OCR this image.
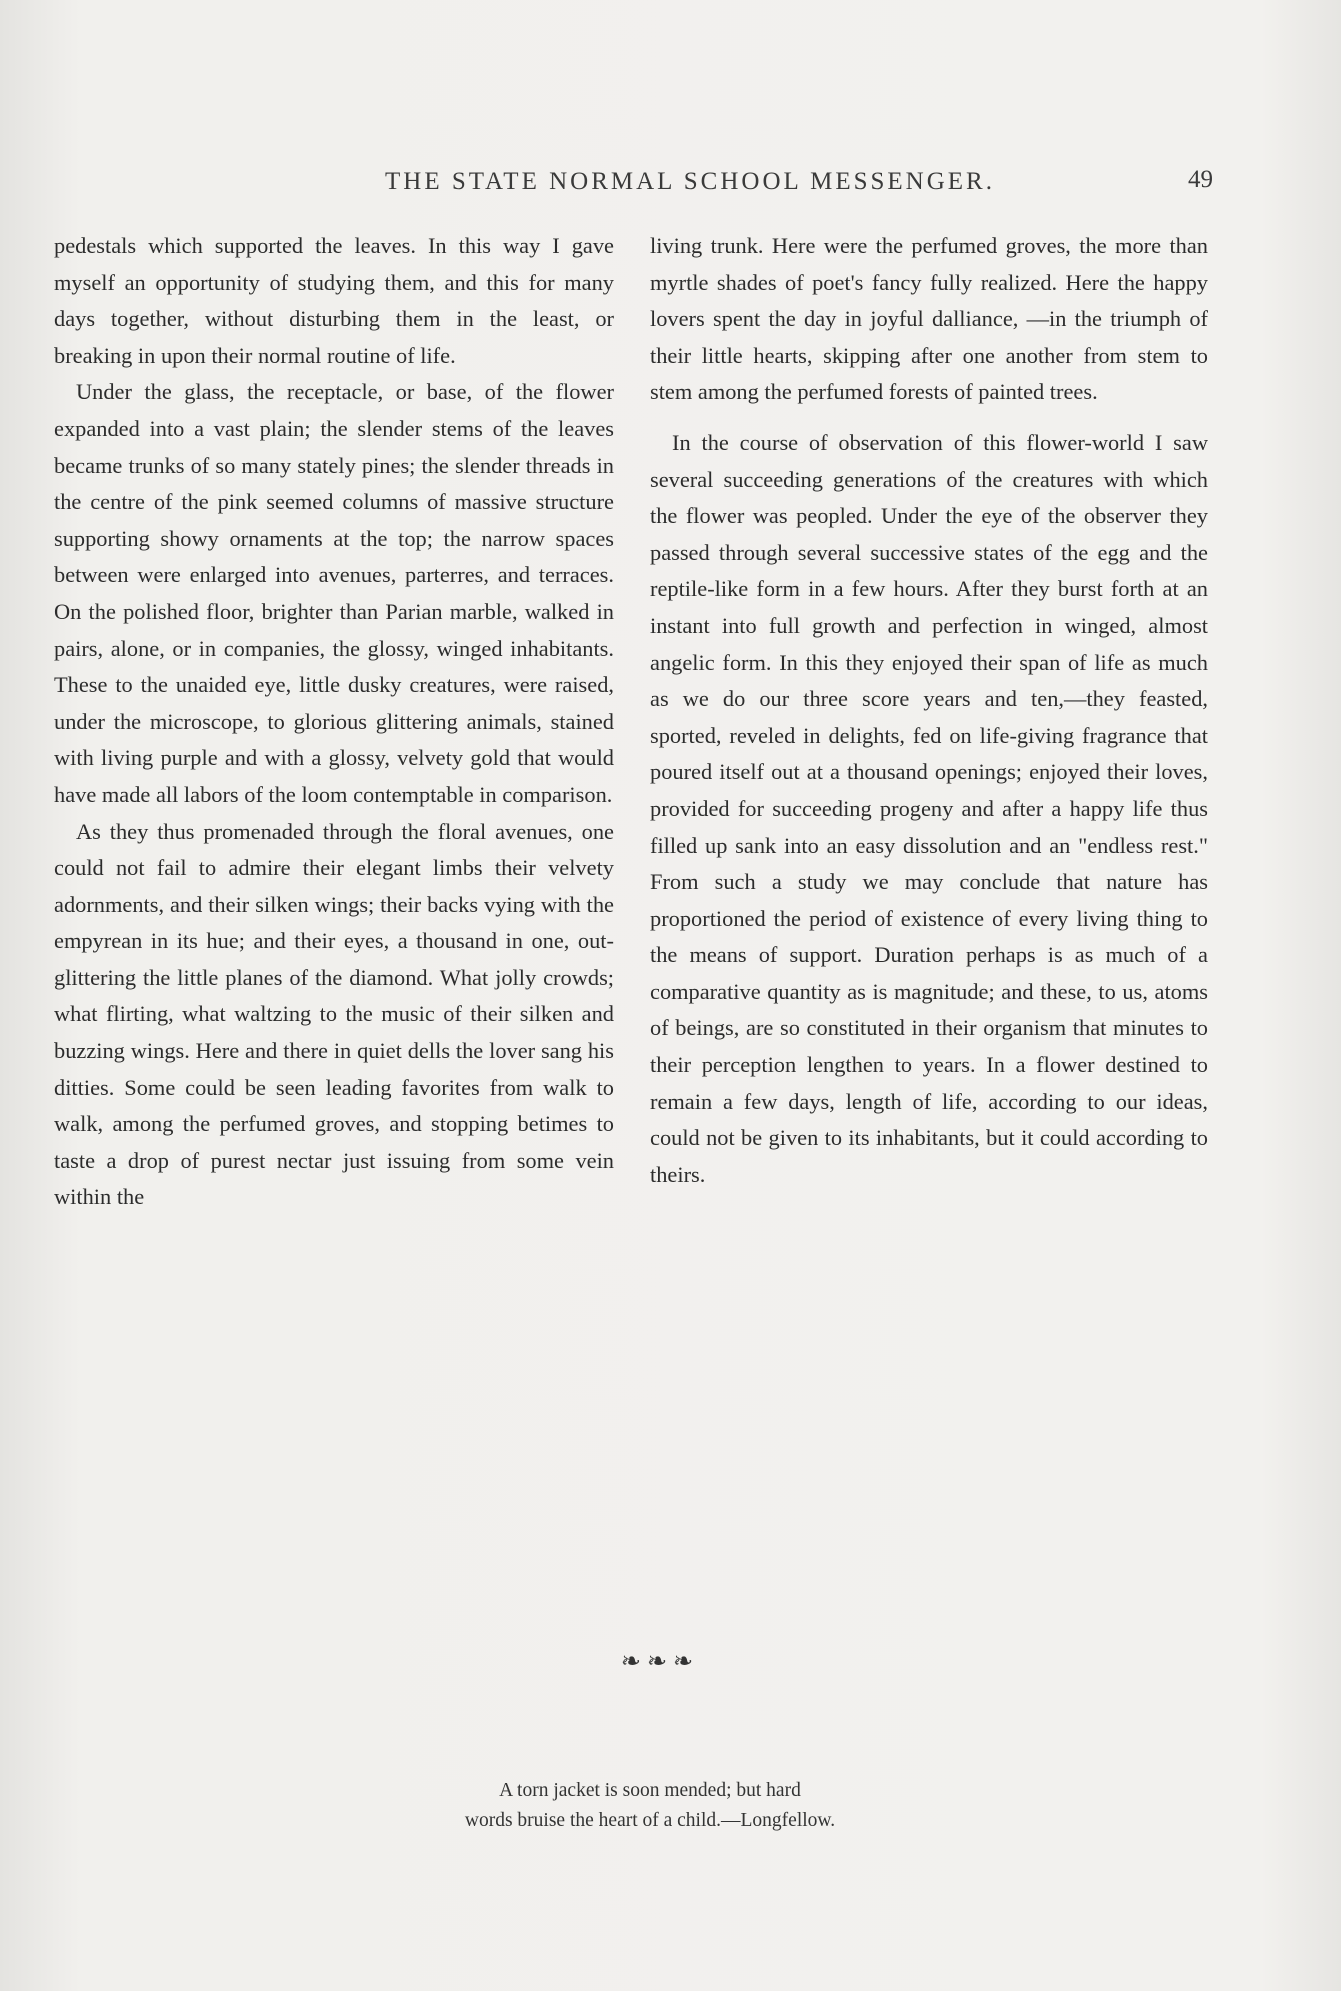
THE STATE NORMAL SCHOOL MESSENGER.	49

pedestals which supported the leaves. In this way I gave myself an opportunity of studying them, and this for many days together, without disturbing them in the least, or breaking in upon their normal routine of life.

Under the glass, the receptacle, or base, of the flower expanded into a vast plain; the slender stems of the leaves became trunks of so many stately pines; the slender threads in the centre of the pink seemed columns of massive structure supporting showy ornaments at the top; the narrow spaces between were enlarged into avenues, parterres, and terraces. On the polished floor, brighter than Parian marble, walked in pairs, alone, or in companies, the glossy, winged inhabitants. These to the unaided eye, little dusky creatures, were raised, under the microscope, to glorious glittering animals, stained with living purple and with a glossy, velvety gold that would have made all labors of the loom contemptable in comparison.

As they thus promenaded through the floral avenues, one could not fail to admire their elegant limbs their velvety adornments, and their silken wings; their backs vying with the empyrean in its hue; and their eyes, a thousand in one, out-glittering the little planes of the diamond. What jolly crowds; what flirting, what waltzing to the music of their silken and buzzing wings. Here and there in quiet dells the lover sang his ditties. Some could be seen leading favorites from walk to walk, among the perfumed groves, and stopping betimes to taste a drop of purest nectar just issuing from some vein within the

living trunk. Here were the perfumed groves, the more than myrtle shades of poet's fancy fully realized. Here the happy lovers spent the day in joyful dalliance, —in the triumph of their little hearts, skipping after one another from stem to stem among the perfumed forests of painted trees.

In the course of observation of this flower-world I saw several succeeding generations of the creatures with which the flower was peopled. Under the eye of the observer they passed through several successive states of the egg and the reptile-like form in a few hours. After they burst forth at an instant into full growth and perfection in winged, almost angelic form. In this they enjoyed their span of life as much as we do our three score years and ten,—they feasted, sported, reveled in delights, fed on life-giving fragrance that poured itself out at a thousand openings; enjoyed their loves, provided for succeeding progeny and after a happy life thus filled up sank into an easy dissolution and an "endless rest." From such a study we may conclude that nature has proportioned the period of existence of every living thing to the means of support. Duration perhaps is as much of a comparative quantity as is magnitude; and these, to us, atoms of beings, are so constituted in their organism that minutes to their perception lengthen to years. In a flower destined to remain a few days, length of life, according to our ideas, could not be given to its inhabitants, but it could according to theirs.

❧❧❧
A torn jacket is soon mended; but hard
words bruise the heart of a child.—Longfellow.
